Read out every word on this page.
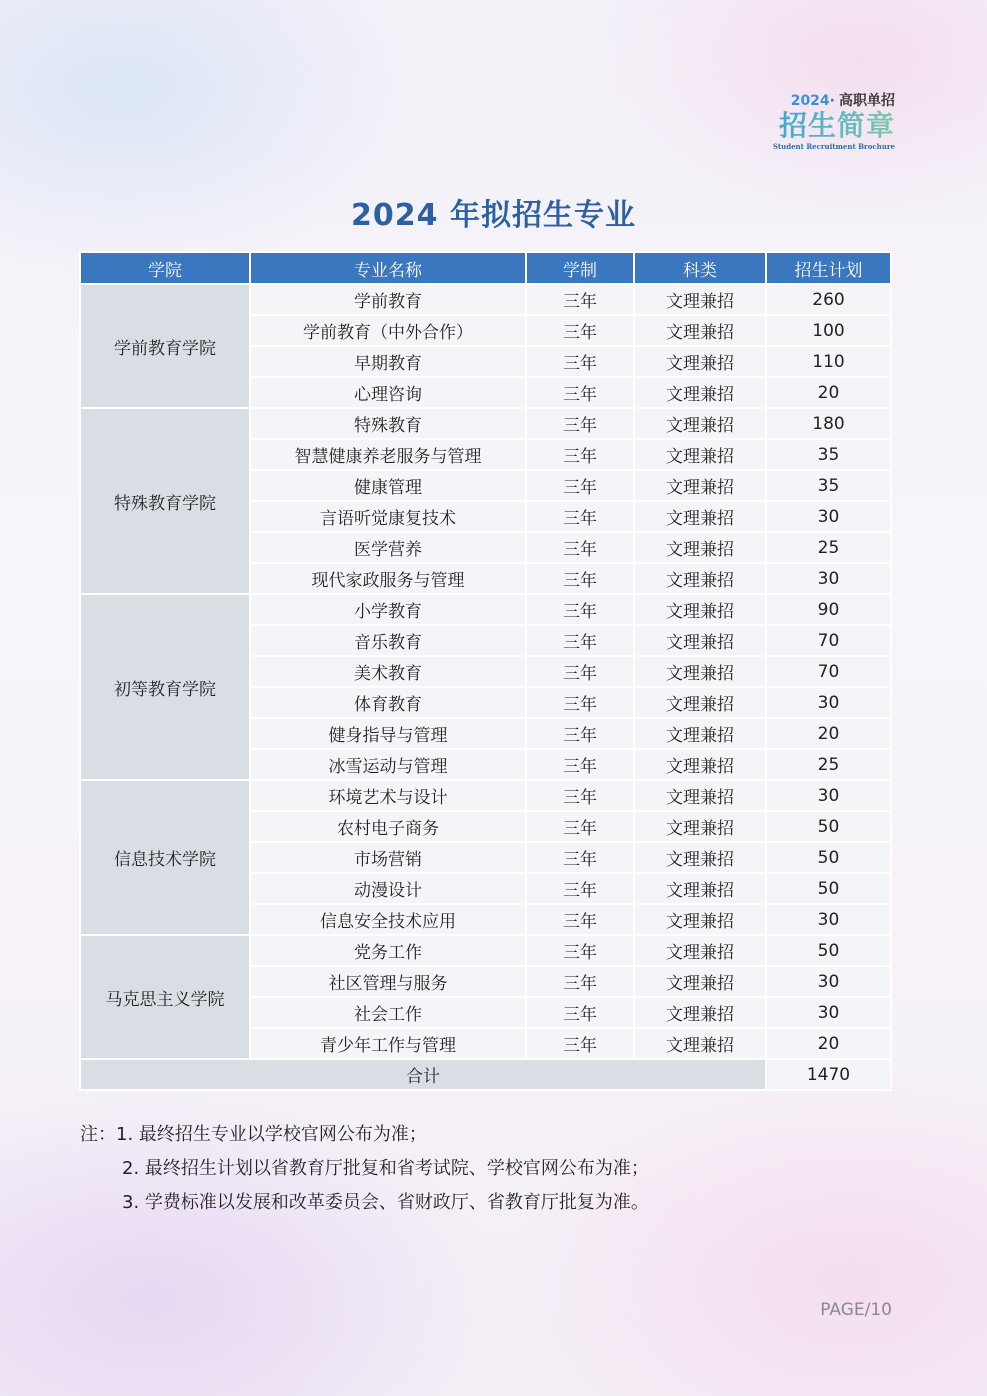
2024· 高职单招
招生简章
Student Recruitment Brochure
2024 年拟招生专业
学院	专业名称	学制	科类	招生计划
学前教育学院	学前教育	三年	文理兼招	260
	学前教育（中外合作）	三年	文理兼招	100
	早期教育	三年	文理兼招	110
	心理咨询	三年	文理兼招	20
特殊教育学院	特殊教育	三年	文理兼招	180
	智慧健康养老服务与管理	三年	文理兼招	35
	健康管理	三年	文理兼招	35
	言语听觉康复技术	三年	文理兼招	30
	医学营养	三年	文理兼招	25
	现代家政服务与管理	三年	文理兼招	30
初等教育学院	小学教育	三年	文理兼招	90
	音乐教育	三年	文理兼招	70
	美术教育	三年	文理兼招	70
	体育教育	三年	文理兼招	30
	健身指导与管理	三年	文理兼招	20
	冰雪运动与管理	三年	文理兼招	25
信息技术学院	环境艺术与设计	三年	文理兼招	30
	农村电子商务	三年	文理兼招	50
	市场营销	三年	文理兼招	50
	动漫设计	三年	文理兼招	50
	信息安全技术应用	三年	文理兼招	30
马克思主义学院	党务工作	三年	文理兼招	50
	社区管理与服务	三年	文理兼招	30
	社会工作	三年	文理兼招	30
	青少年工作与管理	三年	文理兼招	20
合计				1470
注：1. 最终招生专业以学校官网公布为准；
2. 最终招生计划以省教育厅批复和省考试院、学校官网公布为准；
3. 学费标准以发展和改革委员会、省财政厅、省教育厅批复为准。
PAGE/10
